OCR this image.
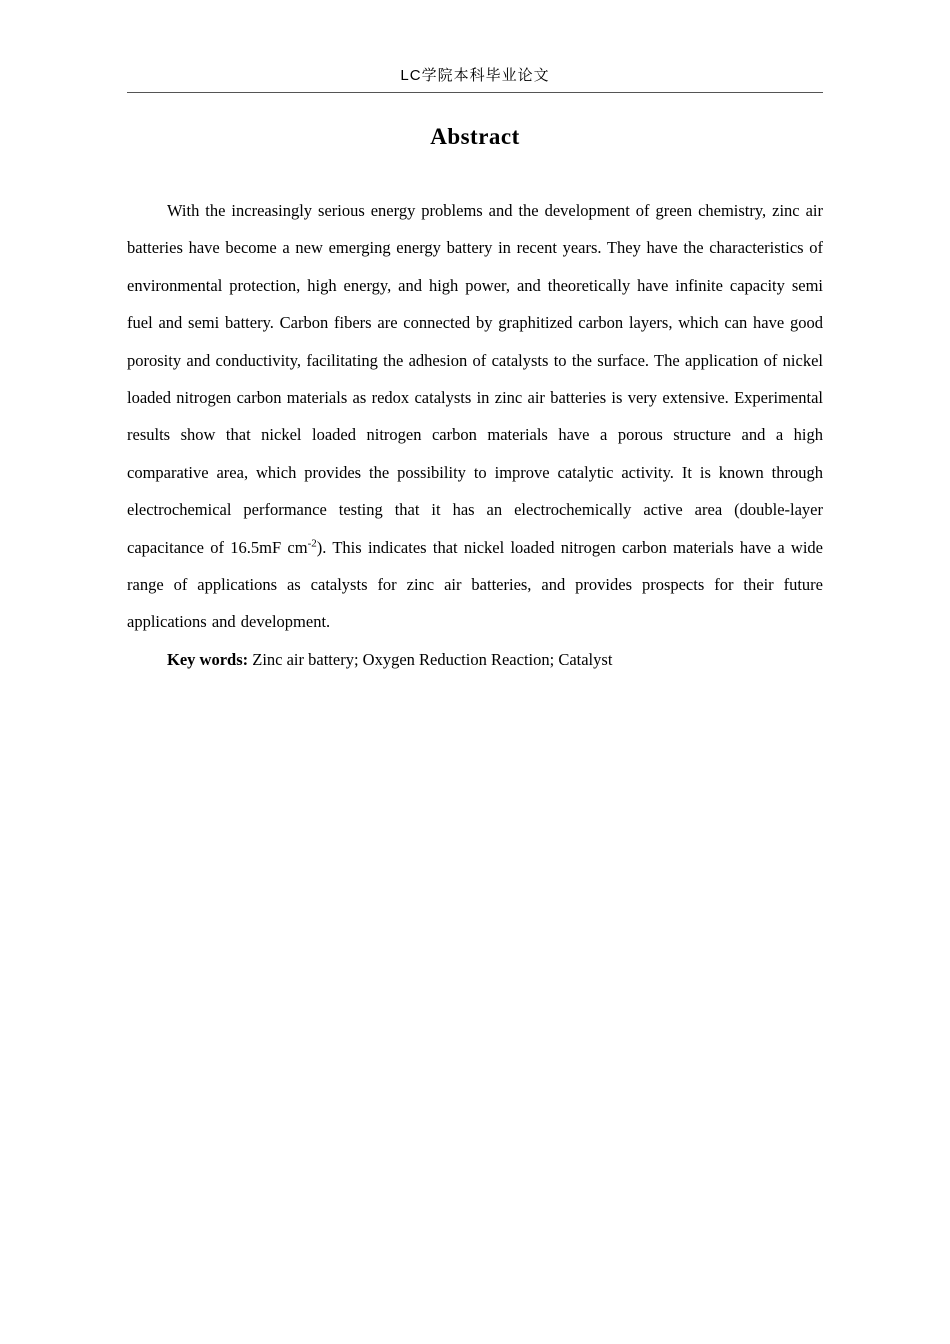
LC学院本科毕业论文
Abstract

With the increasingly serious energy problems and the development of green chemistry, zinc air batteries have become a new emerging energy battery in recent years. They have the characteristics of environmental protection, high energy, and high power, and theoretically have infinite capacity semi fuel and semi battery. Carbon fibers are connected by graphitized carbon layers, which can have good porosity and conductivity, facilitating the adhesion of catalysts to the surface. The application of nickel loaded nitrogen carbon materials as redox catalysts in zinc air batteries is very extensive. Experimental results show that nickel loaded nitrogen carbon materials have a porous structure and a high comparative area, which provides the possibility to improve catalytic activity. It is known through electrochemical performance testing that it has an electrochemically active area (double-layer capacitance of 16.5mF $cm^{-2}$). This indicates that nickel loaded nitrogen carbon materials have a wide range of applications as catalysts for zinc air batteries, and provides prospects for their future applications and development.

Key words: Zinc air battery; Oxygen Reduction Reaction; Catalyst
